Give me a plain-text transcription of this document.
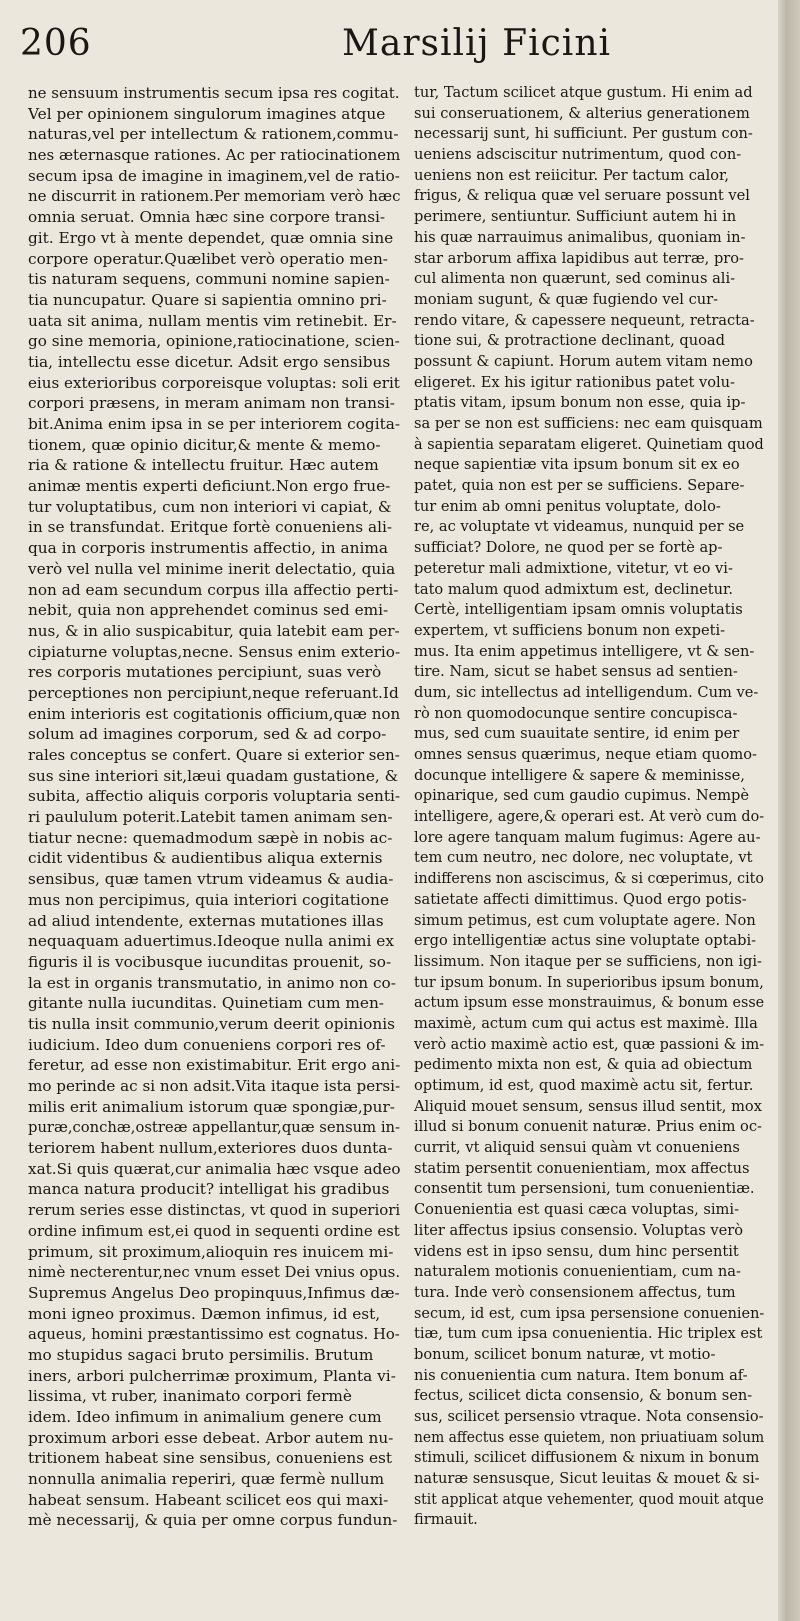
206	Marsilij Ficini
ne sensuum instrumentis secum ipsa res cogitat.
Vel per opinionem singulorum imagines atque
naturas,vel per intellectum & rationem,commu-
nes æternasque rationes. Ac per ratiocinationem
secum ipsa de imagine in imaginem,vel de ratio-
ne discurrit in rationem.Per memoriam verò hæc
omnia seruat. Omnia hæc sine corpore transi-
git. Ergo vt à mente dependet, quæ omnia sine
corpore operatur.Quælibet verò operatio men-
tis naturam sequens, communi nomine sapien-
tia nuncupatur. Quare si sapientia omnino pri-
uata sit anima, nullam mentis vim retinebit. Er-
go sine memoria, opinione,ratiocinatione, scien-
tia, intellectu esse dicetur. Adsit ergo sensibus
eius exterioribus corporeisque voluptas: soli erit
corpori præsens, in meram animam non transi-
bit.Anima enim ipsa in se per interiorem cogita-
tionem, quæ opinio dicitur,& mente & memo-
ria & ratione & intellectu fruitur. Hæc autem
animæ mentis experti deficiunt.Non ergo frue-
tur voluptatibus, cum non interiori vi capiat, &
in se transfundat. Eritque fortè conueniens ali-
qua in corporis instrumentis affectio, in anima
verò vel nulla vel minime inerit delectatio, quia
non ad eam secundum corpus illa affectio perti-
nebit, quia non apprehendet cominus sed emi-
nus, & in alio suspicabitur, quia latebit eam per-
cipiaturne voluptas,necne. Sensus enim exterio-
res corporis mutationes percipiunt, suas verò
perceptiones non percipiunt,neque referuant.Id
enim interioris est cogitationis officium,quæ non
solum ad imagines corporum, sed & ad corpo-
rales conceptus se confert. Quare si exterior sen-
sus sine interiori sit,læui quadam gustatione, &
subita, affectio aliquis corporis voluptaria senti-
ri paululum poterit.Latebit tamen animam sen-
tiatur necne: quemadmodum sæpè in nobis ac-
cidit videntibus & audientibus aliqua externis
sensibus, quæ tamen vtrum videamus & audia-
mus non percipimus, quia interiori cogitatione
ad aliud intendente, externas mutationes illas
nequaquam aduertimus.Ideoque nulla animi ex
figuris il is vocibusque iucunditas prouenit, so-
la est in organis transmutatio, in animo non co-
gitante nulla iucunditas. Quinetiam cum men-
tis nulla insit communio,verum deerit opinionis
iudicium. Ideo dum conueniens corpori res of-
feretur, ad esse non existimabitur. Erit ergo ani-
mo perinde ac si non adsit.Vita itaque ista persi-
milis erit animalium istorum quæ spongiæ,pur-
puræ,conchæ,ostreæ appellantur,quæ sensum in-
teriorem habent nullum,exteriores duos dunta-
xat.Si quis quærat,cur animalia hæc vsque adeo
manca natura producit? intelligat his gradibus
rerum series esse distinctas, vt quod in superiori
ordine infimum est,ei quod in sequenti ordine est
primum, sit proximum,alioquin res inuicem mi-
nimè necterentur,nec vnum esset Dei vnius opus.
Supremus Angelus Deo propinquus,Infimus dæ-
moni igneo proximus. Dæmon infimus, id est,
aqueus, homini præstantissimo est cognatus. Ho-
mo stupidus sagaci bruto persimilis. Brutum
iners, arbori pulcherrimæ proximum, Planta vi-
lissima, vt ruber, inanimato corpori fermè
idem. Ideo infimum in animalium genere cum
proximum arbori esse debeat. Arbor autem nu-
tritionem habeat sine sensibus, conueniens est
nonnulla animalia reperiri, quæ fermè nullum
habeat sensum. Habeant scilicet eos qui maxi-
mè necessarij, & quia per omne corpus fundun-
tur, Tactum scilicet atque gustum. Hi enim ad
sui conseruationem, & alterius generationem
necessarij sunt, hi sufficiunt. Per gustum con-
ueniens adsciscitur nutrimentum, quod con-
ueniens non est reiicitur. Per tactum calor,
frigus, & reliqua quæ vel seruare possunt vel
perimere, sentiuntur. Sufficiunt autem hi in
his quæ narrauimus animalibus, quoniam in-
star arborum affixa lapidibus aut terræ, pro-
cul alimenta non quærunt, sed cominus ali-
moniam sugunt, & quæ fugiendo vel cur-
rendo vitare, & capessere nequeunt, retracta-
tione sui, & protractione declinant, quoad
possunt & capiunt. Horum autem vitam nemo
eligeret. Ex his igitur rationibus patet volu-
ptatis vitam, ipsum bonum non esse, quia ip-
sa per se non est sufficiens: nec eam quisquam
à sapientia separatam eligeret. Quinetiam quod
neque sapientiæ vita ipsum bonum sit ex eo
patet, quia non est per se sufficiens. Separe-
tur enim ab omni penitus voluptate, dolo-
re, ac voluptate vt videamus, nunquid per se
sufficiat? Dolore, ne quod per se fortè ap-
peteretur mali admixtione, vitetur, vt eo vi-
tato malum quod admixtum est, declinetur.
Certè, intelligentiam ipsam omnis voluptatis
expertem, vt sufficiens bonum non expeti-
mus. Ita enim appetimus intelligere, vt & sen-
tire. Nam, sicut se habet sensus ad sentien-
dum, sic intellectus ad intelligendum. Cum ve-
rò non quomodocunque sentire concupisca-
mus, sed cum suauitate sentire, id enim per
omnes sensus quærimus, neque etiam quomo-
docunque intelligere & sapere & meminisse,
opinarique, sed cum gaudio cupimus. Nempè
intelligere, agere,& operari est. At verò cum do-
lore agere tanquam malum fugimus: Agere au-
tem cum neutro, nec dolore, nec voluptate, vt
indifferens non asciscimus, & si cœperimus, cito
satietate affecti dimittimus. Quod ergo potis-
simum petimus, est cum voluptate agere. Non
ergo intelligentiæ actus sine voluptate optabi-
lissimum. Non itaque per se sufficiens, non igi-
tur ipsum bonum. In superioribus ipsum bonum,
actum ipsum esse monstrauimus, & bonum esse
maximè, actum cum qui actus est maximè. Illa
verò actio maximè actio est, quæ passioni & im-
pedimento mixta non est, & quia ad obiectum
optimum, id est, quod maximè actu sit, fertur.
Aliquid mouet sensum, sensus illud sentit, mox
illud si bonum conuenit naturæ. Prius enim oc-
currit, vt aliquid sensui quàm vt conueniens
statim persentit conuenientiam, mox affectus
consentit tum persensioni, tum conuenientiæ.
Conuenientia est quasi cæca voluptas, simi-
liter affectus ipsius consensio. Voluptas verò
videns est in ipso sensu, dum hinc persentit
naturalem motionis conuenientiam, cum na-
tura. Inde verò consensionem affectus, tum
secum, id est, cum ipsa persensione conuenien-
tiæ, tum cum ipsa conuenientia. Hic triplex est
bonum, scilicet bonum naturæ, vt motio-
nis conuenientia cum natura. Item bonum af-
fectus, scilicet dicta consensio, & bonum sen-
sus, scilicet persensio vtraque. Nota consensio-
nem affectus esse quietem, non priuatiuam solum
stimuli, scilicet diffusionem & nixum in bonum
naturæ sensusque, Sicut leuitas & mouet & si-
stit applicat atque vehementer, quod mouit atque
firmauit.
